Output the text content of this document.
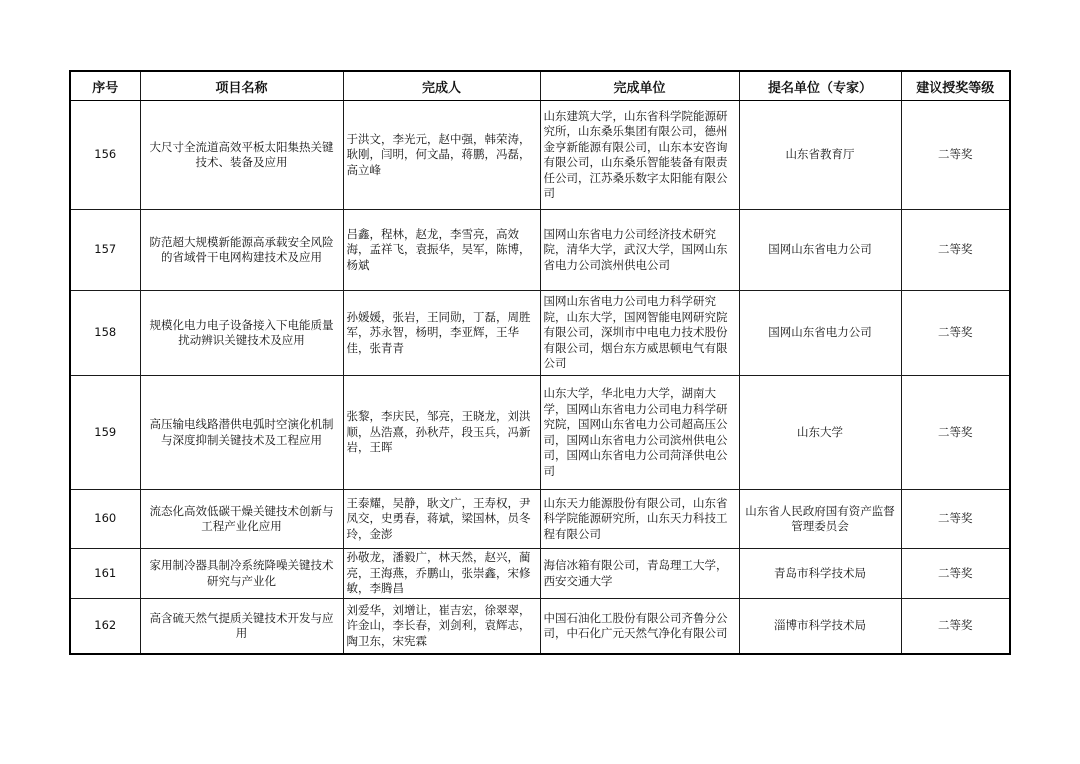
序号	项目名称	完成人	完成单位	提名单位（专家）	建议授奖等级
156	大尺寸全流道高效平板太阳集热关键技术、装备及应用	于洪文，李光元，赵中强，韩荣涛，耿刚，闫明，何文晶，蒋鹏，冯磊，高立峰	山东建筑大学，山东省科学院能源研究所，山东桑乐集团有限公司，德州金亨新能源有限公司，山东本安咨询有限公司，山东桑乐智能装备有限责任公司，江苏桑乐数字太阳能有限公司	山东省教育厅	二等奖
157	防范超大规模新能源高承载安全风险的省域骨干电网构建技术及应用	吕鑫，程林，赵龙，李雪亮，高效海，孟祥飞，袁振华，吴军，陈博，杨斌	国网山东省电力公司经济技术研究院，清华大学，武汉大学，国网山东省电力公司滨州供电公司	国网山东省电力公司	二等奖
158	规模化电力电子设备接入下电能质量扰动辨识关键技术及应用	孙媛媛，张岩，王同勋，丁磊，周胜军，苏永智，杨明，李亚辉，王华佳，张青青	国网山东省电力公司电力科学研究院，山东大学，国网智能电网研究院有限公司，深圳市中电电力技术股份有限公司，烟台东方威思顿电气有限公司	国网山东省电力公司	二等奖
159	高压输电线路潜供电弧时空演化机制与深度抑制关键技术及工程应用	张黎，李庆民，邹亮，王晓龙，刘洪顺，丛浩熹，孙秋芹，段玉兵，冯新岩，王晖	山东大学，华北电力大学，湖南大学，国网山东省电力公司电力科学研究院，国网山东省电力公司超高压公司，国网山东省电力公司滨州供电公司，国网山东省电力公司菏泽供电公司	山东大学	二等奖
160	流态化高效低碳干燥关键技术创新与工程产业化应用	王泰耀，吴静，耿文广，王寿权，尹凤交，史勇春，蒋斌，梁国林，员冬玲，金澎	山东天力能源股份有限公司，山东省科学院能源研究所，山东天力科技工程有限公司	山东省人民政府国有资产监督管理委员会	二等奖
161	家用制冷器具制冷系统降噪关键技术研究与产业化	孙敬龙，潘毅广，林天然，赵兴，蔺亮，王海燕，乔鹏山，张崇鑫，宋修敏，李腾昌	海信冰箱有限公司，青岛理工大学，西安交通大学	青岛市科学技术局	二等奖
162	高含硫天然气提质关键技术开发与应用	刘爱华，刘增让，崔吉宏，徐翠翠，许金山，李长春，刘剑利，袁辉志，陶卫东，宋宪霖	中国石油化工股份有限公司齐鲁分公司，中石化广元天然气净化有限公司	淄博市科学技术局	二等奖
